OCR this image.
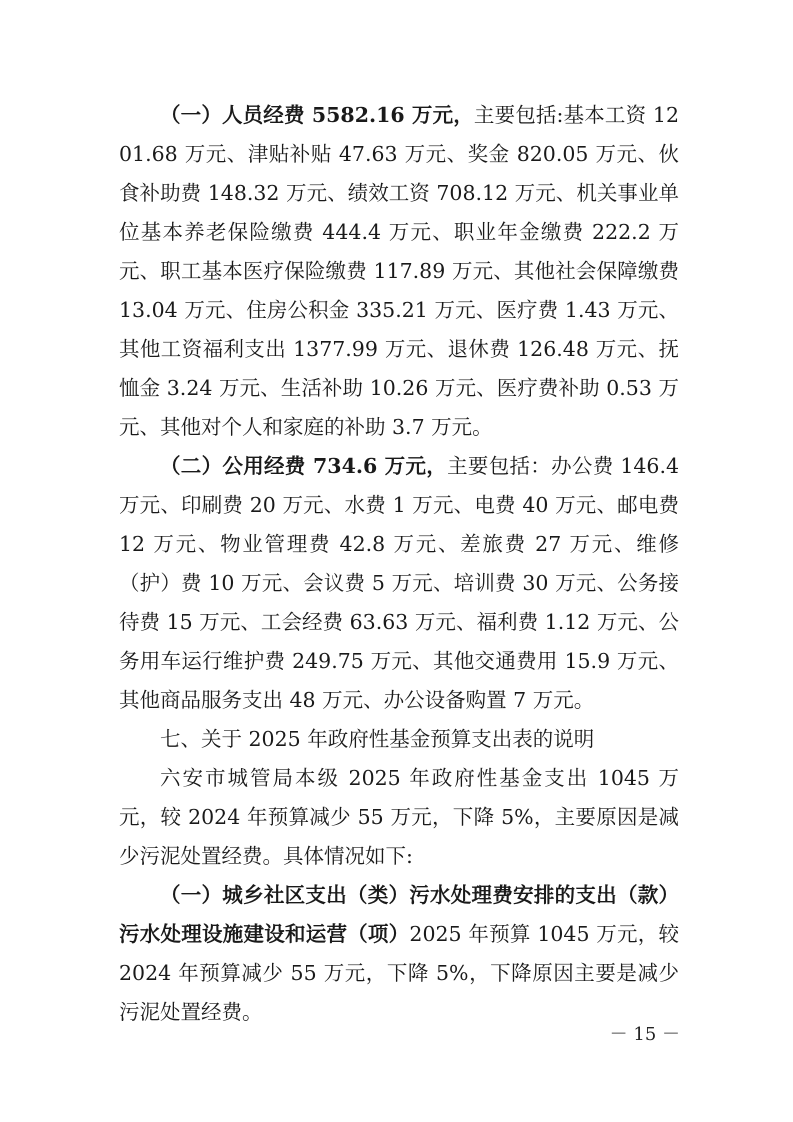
（一）人员经费 5582.16 万元，主要包括:基本工资 1201.68 万元、津贴补贴 47.63 万元、奖金 820.05 万元、伙食补助费 148.32 万元、绩效工资 708.12 万元、机关事业单位基本养老保险缴费 444.4 万元、职业年金缴费 222.2 万元、职工基本医疗保险缴费 117.89 万元、其他社会保障缴费 13.04 万元、住房公积金 335.21 万元、医疗费 1.43 万元、其他工资福利支出 1377.99 万元、退休费 126.48 万元、抚恤金 3.24 万元、生活补助 10.26 万元、医疗费补助 0.53 万元、其他对个人和家庭的补助 3.7 万元。

（二）公用经费 734.6 万元，主要包括：办公费 146.4 万元、印刷费 20 万元、水费 1 万元、电费 40 万元、邮电费 12 万元、物业管理费 42.8 万元、差旅费 27 万元、维修（护）费 10 万元、会议费 5 万元、培训费 30 万元、公务接待费 15 万元、工会经费 63.63 万元、福利费 1.12 万元、公务用车运行维护费 249.75 万元、其他交通费用 15.9 万元、其他商品服务支出 48 万元、办公设备购置 7 万元。

七、关于 2025 年政府性基金预算支出表的说明

六安市城管局本级 2025 年政府性基金支出 1045 万元，较 2024 年预算减少 55 万元，下降 5%，主要原因是减少污泥处置经费。具体情况如下:

（一）城乡社区支出（类）污水处理费安排的支出（款）污水处理设施建设和运营（项）2025 年预算 1045 万元，较 2024 年预算减少 55 万元，下降 5%，下降原因主要是减少污泥处置经费。

－ 15 －
